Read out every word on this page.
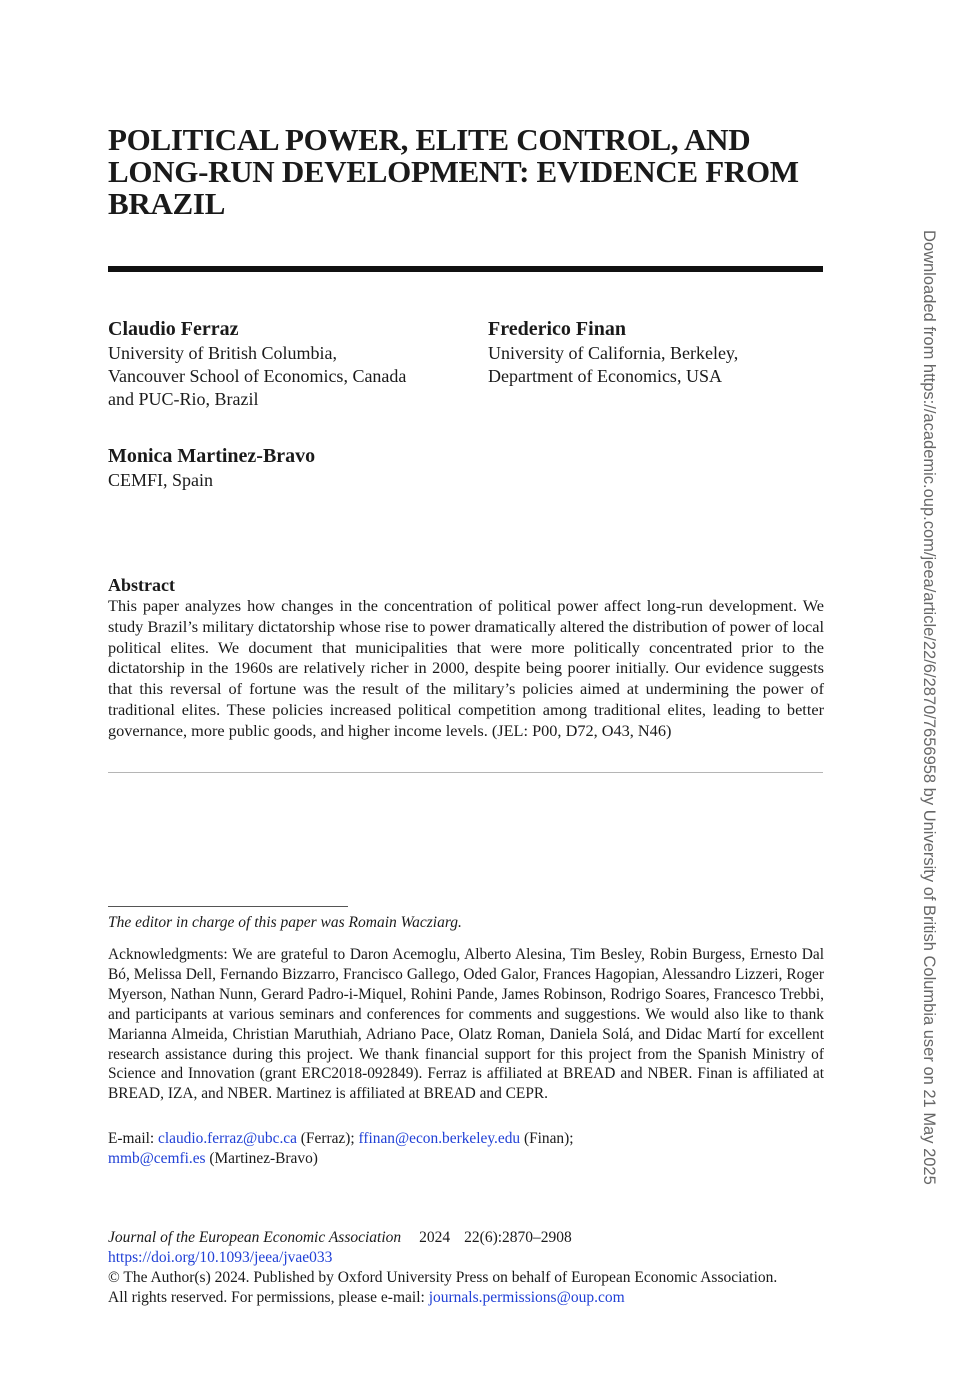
POLITICAL POWER, ELITE CONTROL, AND
LONG-RUN DEVELOPMENT: EVIDENCE FROM
BRAZIL
Claudio Ferraz
University of British Columbia,
Vancouver School of Economics, Canada
and PUC-Rio, Brazil
Frederico Finan
University of California, Berkeley,
Department of Economics, USA
Monica Martinez-Bravo
CEMFI, Spain
Abstract
This paper analyzes how changes in the concentration of political power affect long-run development. We study Brazil’s military dictatorship whose rise to power dramatically altered the distribution of power of local political elites. We document that municipalities that were more politically concentrated prior to the dictatorship in the 1960s are relatively richer in 2000, despite being poorer initially. Our evidence suggests that this reversal of fortune was the result of the military’s policies aimed at undermining the power of traditional elites. These policies increased political competition among traditional elites, leading to better governance, more public goods, and higher income levels. (JEL: P00, D72, O43, N46)
The editor in charge of this paper was Romain Wacziarg.
Acknowledgments: We are grateful to Daron Acemoglu, Alberto Alesina, Tim Besley, Robin Burgess, Ernesto Dal Bó, Melissa Dell, Fernando Bizzarro, Francisco Gallego, Oded Galor, Frances Hagopian, Alessandro Lizzeri, Roger Myerson, Nathan Nunn, Gerard Padro-i-Miquel, Rohini Pande, James Robinson, Rodrigo Soares, Francesco Trebbi, and participants at various seminars and conferences for comments and suggestions. We would also like to thank Marianna Almeida, Christian Maruthiah, Adriano Pace, Olatz Roman, Daniela Solá, and Didac Martí for excellent research assistance during this project. We thank financial support for this project from the Spanish Ministry of Science and Innovation (grant ERC2018-092849). Ferraz is affiliated at BREAD and NBER. Finan is affiliated at BREAD, IZA, and NBER. Martinez is affiliated at BREAD and CEPR.
E-mail: claudio.ferraz@ubc.ca (Ferraz); ffinan@econ.berkeley.edu (Finan);
mmb@cemfi.es (Martinez-Bravo)
Journal of the European Economic Association 2024 22(6):2870–2908
https://doi.org/10.1093/jeea/jvae033
© The Author(s) 2024. Published by Oxford University Press on behalf of European Economic Association.
All rights reserved. For permissions, please e-mail: journals.permissions@oup.com
Downloaded from https://academic.oup.com/jeea/article/22/6/2870/7656958 by University of British Columbia user on 21 May 2025
